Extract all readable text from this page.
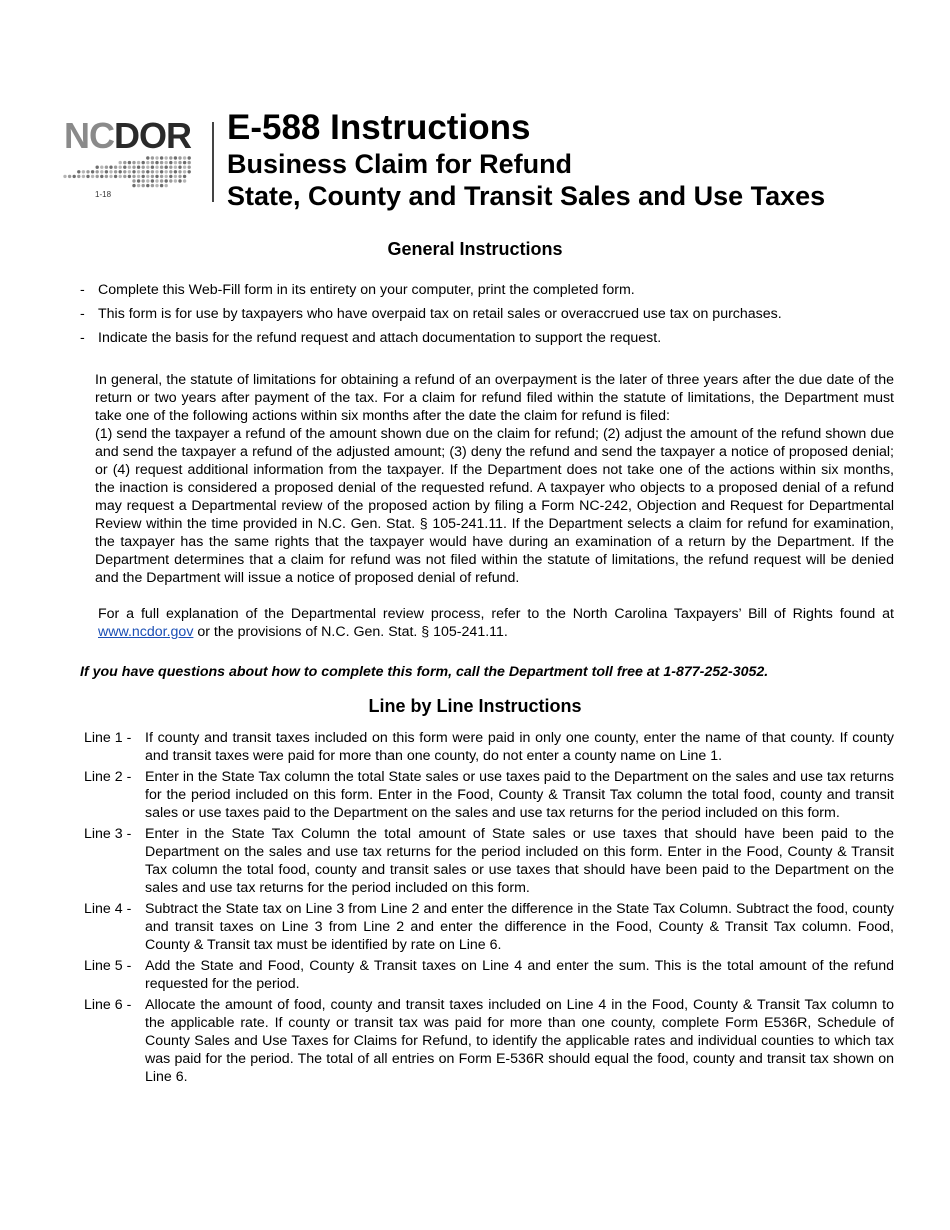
NCDOR
1-18
E-588 Instructions
Business Claim for Refund
State, County and Transit Sales and Use Taxes
General Instructions
- Complete this Web-Fill form in its entirety on your computer, print the completed form.
- This form is for use by taxpayers who have overpaid tax on retail sales or overaccrued use tax on purchases.
- Indicate the basis for the refund request and attach documentation to support the request.
In general, the statute of limitations for obtaining a refund of an overpayment is the later of three years after the due date of the return or two years after payment of the tax. For a claim for refund filed within the statute of limitations, the Department must take one of the following actions within six months after the date the claim for refund is filed:
(1) send the taxpayer a refund of the amount shown due on the claim for refund; (2) adjust the amount of the refund shown due and send the taxpayer a refund of the adjusted amount; (3) deny the refund and send the taxpayer a notice of proposed denial; or (4) request additional information from the taxpayer. If the Department does not take one of the actions within six months, the inaction is considered a proposed denial of the requested refund. A taxpayer who objects to a proposed denial of a refund may request a Departmental review of the proposed action by filing a Form NC-242, Objection and Request for Departmental Review within the time provided in N.C. Gen. Stat. § 105-241.11. If the Department selects a claim for refund for examination, the taxpayer has the same rights that the taxpayer would have during an examination of a return by the Department. If the Department determines that a claim for refund was not filed within the statute of limitations, the refund request will be denied and the Department will issue a notice of proposed denial of refund.
For a full explanation of the Departmental review process, refer to the North Carolina Taxpayers’ Bill of Rights found at www.ncdor.gov or the provisions of N.C. Gen. Stat. § 105-241.11.
If you have questions about how to complete this form, call the Department toll free at 1-877-252-3052.
Line by Line Instructions
Line 1 - If county and transit taxes included on this form were paid in only one county, enter the name of that county. If county and transit taxes were paid for more than one county, do not enter a county name on Line 1.
Line 2 - Enter in the State Tax column the total State sales or use taxes paid to the Department on the sales and use tax returns for the period included on this form. Enter in the Food, County & Transit Tax column the total food, county and transit sales or use taxes paid to the Department on the sales and use tax returns for the period included on this form.
Line 3 - Enter in the State Tax Column the total amount of State sales or use taxes that should have been paid to the Department on the sales and use tax returns for the period included on this form. Enter in the Food, County & Transit Tax column the total food, county and transit sales or use taxes that should have been paid to the Department on the sales and use tax returns for the period included on this form.
Line 4 - Subtract the State tax on Line 3 from Line 2 and enter the difference in the State Tax Column. Subtract the food, county and transit taxes on Line 3 from Line 2 and enter the difference in the Food, County & Transit Tax column. Food, County & Transit tax must be identified by rate on Line 6.
Line 5 - Add the State and Food, County & Transit taxes on Line 4 and enter the sum. This is the total amount of the refund requested for the period.
Line 6 - Allocate the amount of food, county and transit taxes included on Line 4 in the Food, County & Transit Tax column to the applicable rate. If county or transit tax was paid for more than one county, complete Form E536R, Schedule of County Sales and Use Taxes for Claims for Refund, to identify the applicable rates and individual counties to which tax was paid for the period. The total of all entries on Form E-536R should equal the food, county and transit tax shown on Line 6.
